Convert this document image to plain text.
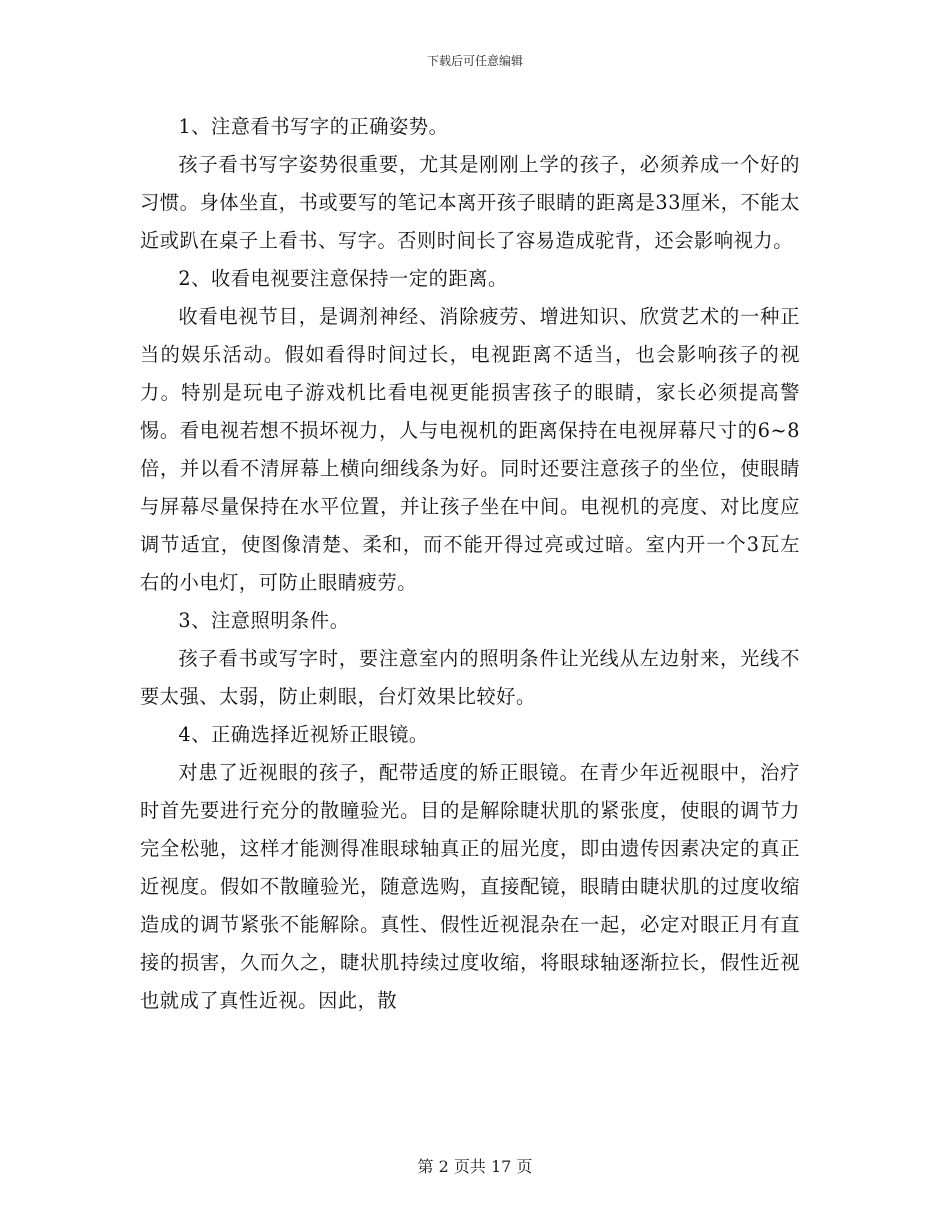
下载后可任意编辑

1、注意看书写字的正确姿势。

孩子看书写字姿势很重要，尤其是刚刚上学的孩子，必须养成一个好的习惯。身体坐直，书或要写的笔记本离开孩子眼睛的距离是33厘米，不能太近或趴在桌子上看书、写字。否则时间长了容易造成驼背，还会影响视力。

2、收看电视要注意保持一定的距离。

收看电视节目，是调剂神经、消除疲劳、增进知识、欣赏艺术的一种正当的娱乐活动。假如看得时间过长，电视距离不适当，也会影响孩子的视力。特别是玩电子游戏机比看电视更能损害孩子的眼睛，家长必须提高警惕。看电视若想不损坏视力，人与电视机的距离保持在电视屏幕尺寸的6~8倍，并以看不清屏幕上横向细线条为好。同时还要注意孩子的坐位，使眼睛与屏幕尽量保持在水平位置，并让孩子坐在中间。电视机的亮度、对比度应调节适宜，使图像清楚、柔和，而不能开得过亮或过暗。室内开一个3瓦左右的小电灯，可防止眼睛疲劳。

3、注意照明条件。

孩子看书或写字时，要注意室内的照明条件让光线从左边射来，光线不要太强、太弱，防止刺眼，台灯效果比较好。

4、正确选择近视矫正眼镜。

对患了近视眼的孩子，配带适度的矫正眼镜。在青少年近视眼中，治疗时首先要进行充分的散瞳验光。目的是解除睫状肌的紧张度，使眼的调节力完全松驰，这样才能测得准眼球轴真正的屈光度，即由遗传因素决定的真正近视度。假如不散瞳验光，随意选购，直接配镜，眼睛由睫状肌的过度收缩造成的调节紧张不能解除。真性、假性近视混杂在一起，必定对眼正月有直接的损害，久而久之，睫状肌持续过度收缩，将眼球轴逐渐拉长，假性近视也就成了真性近视。因此，散

第 2 页共 17 页
